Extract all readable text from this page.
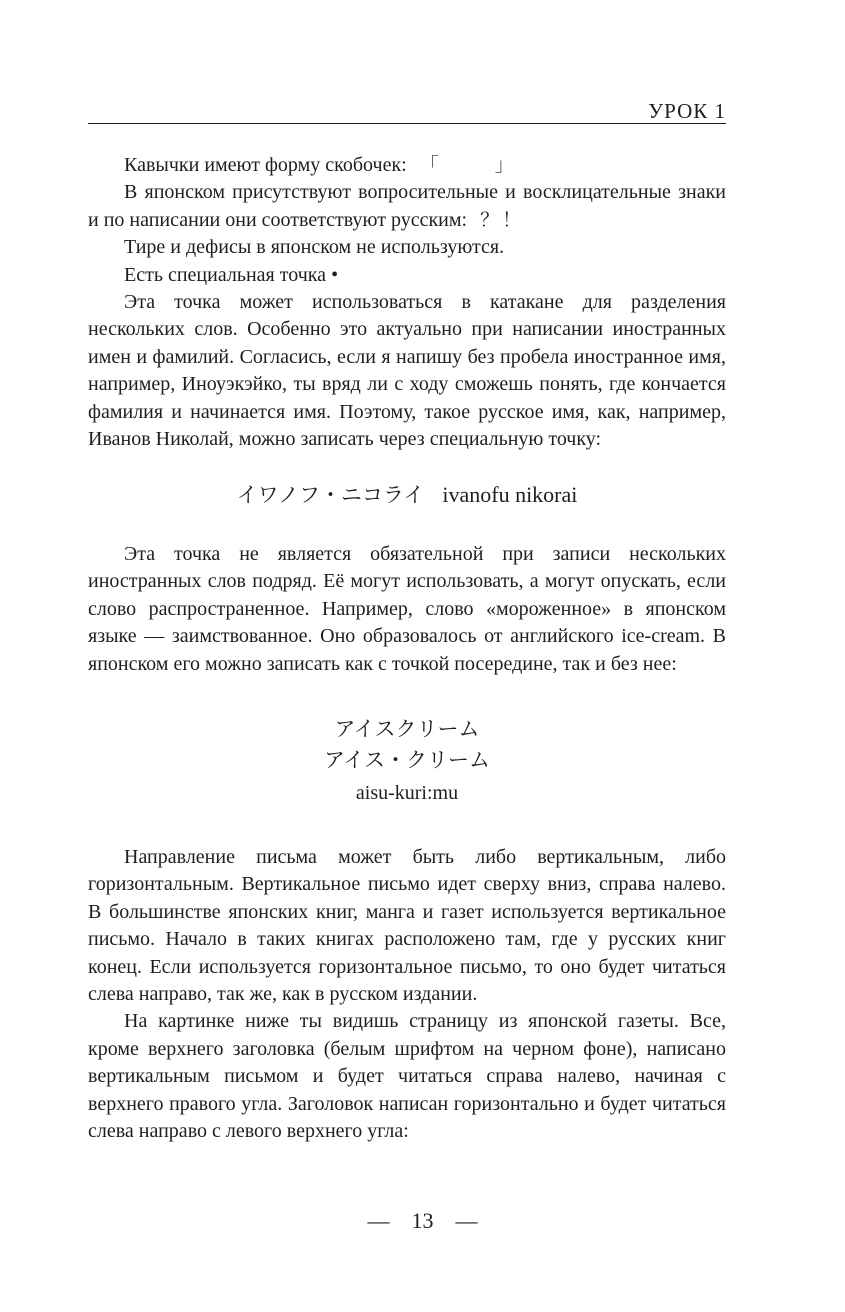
УРОК 1

Кавычки имеют форму скобочек: 「　　 」

В японском присутствуют вопросительные и восклицательные знаки и по написании они соответствуют русским: ？！

Тире и дефисы в японском не используются.

Есть специальная точка •

Эта точка может использоваться в катакане для разделения нескольких слов. Особенно это актуально при написании иностранных имен и фамилий. Согласись, если я напишу без пробела иностранное имя, например, Иноуэкэйко, ты вряд ли с ходу сможешь понять, где кончается фамилия и начинается имя. Поэтому, такое русское имя, как, например, Иванов Николай, можно записать через специальную точку:

イワノフ・ニコライ ivanofu nikorai

Эта точка не является обязательной при записи нескольких иностранных слов подряд. Её могут использовать, а могут опускать, если слово распространенное. Например, слово «мороженное» в японском языке — заимствованное. Оно образовалось от английского ice-cream. В японском его можно записать как с точкой посередине, так и без нее:

アイスクリーム
アイス・クリーム
aisu-kuri:mu

Направление письма может быть либо вертикальным, либо горизонтальным. Вертикальное письмо идет сверху вниз, справа налево. В большинстве японских книг, манга и газет используется вертикальное письмо. Начало в таких книгах расположено там, где у русских книг конец. Если используется горизонтальное письмо, то оно будет читаться слева направо, так же, как в русском издании.

На картинке ниже ты видишь страницу из японской газеты. Все, кроме верхнего заголовка (белым шрифтом на черном фоне), написано вертикальным письмом и будет читаться справа налево, начиная с верхнего правого угла. Заголовок написан горизонтально и будет читаться слева направо с левого верхнего угла:

— 13 —
